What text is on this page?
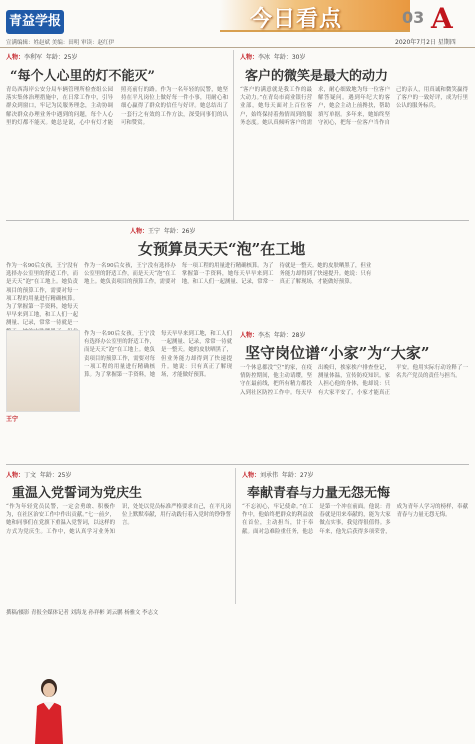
青益学报
宣满编辑：姓赵斌 美编：田明 审读：赵红伊
今日看点	03 A
2020年7月2日 星期四
人物：李利军 年龄：25岁
“每个人心里的灯不能灭”
青岛西海岸公安分局车辆管理所检查组公园落实集体治理措施中，在日常工作中，引导群众到窗口，牢记为民服务理念，主动协调解决群众办理业务中遇到的问题，每个人心里的灯都不能灭。她总是说，心中有灯才能照亮前行的路。作为一名年轻的民警，她坚持在平凡岗位上做好每一件小事，用耐心和细心赢得了群众的信任与好评。她总结出了一套行之有效的工作方法，深受同事们的认可和赞赏。
人物：李冰 年龄：30岁
客户的微笑是最大的动力
“客户的满意就是我工作的最大动力。”在青岛市商业银行营业部，她每天面对上百位客户，始终保持着热情周到的服务态度。她认真倾听客户的需求，耐心细致地为每一位客户解答疑问。遇到年纪大的客户，她会主动上前搀扶，帮助填写单据。多年来，她始终坚守初心，把每一位客户当作自己的亲人，用真诚和微笑赢得了客户的一致好评，成为行里公认的服务标兵。
人物：王宁 年龄：26岁
女预算员天天“泡”在工地
作为一名90后女孩，王宁没有选择办公室里的舒适工作，而是天天“泡”在工地上。她负责项目的预算工作，需要对每一项工程的用量进行精确核算。为了掌握第一手资料，她每天早早来到工地，和工人们一起测量、记录，常常一待就是一
作为一名90后女孩，王宁没有选择办公室里的舒适工作，而是天天“泡”在工地上。她负责项目的预算工作，需要对每一项工程的用量进行精确核算。为了掌握第一手资料，她每天早早来到工地，和工人们一起测量、记录，常常一待就是一整天。她的皮肤晒黑了，但业务能力却得到了快速提升。她说：只有真正了解现场，才能做好预算。
王宁
人物：李杰 年龄：28岁
坚守岗位谱“小家”为“大家”
作为一名90后女孩，王宁没有选择办公室里的舒适工作，而是天天“泡”在工地上。她负责项目的预算工作，需要对每一项工程的用量进行精确核算。为了掌握第一手资料，她每天早早来到工地，和工人们一起测量、记录，常常一待就是一整天。她的皮肤晒黑了，但业务能力却得到了快速提升。她说：只有真正了解现场，才能做好预算。
一个休息都没“空”的家，在疫情防控期间，他主动请缨，坚守在最前线，把所有精力都投入到社区防控工作中。每天早出晚归，挨家挨户排查登记，测量体温，宣传防疫知识。家人担心他的身体，他却说：只有大家平安了，小家才能真正平安。他用实际行动诠释了一名共产党员的责任与担当。
人物：丁文 年龄：25岁
重温入党誓词为党庆生
“作为年轻党员民警，一定会勇敢、积极作为，在社区治安工作中作出贡献。”七一前夕，她和同事们在党旗下重温入党誓词，以这样的方式为党庆生。工作中，她认真学习业务知识，处处以党员标准严格要求自己，在平凡岗位上默默奉献，用行动践行着入党时的铮铮誓言。
人物：刘承伟 年龄：27岁
奉献青春与力量无怨无悔
“不忘初心，牢记使命。”在工作中，他始终把群众的利益放在首位，主动担当，甘于奉献。面对急难险重任务，他总是第一个冲在前面。他说：青春就是用来奉献的，能为大家做点实事，我觉得很值得。多年来，他先后获得多项荣誉，成为青年人学习的榜样，奉献青春与力量无怨无悔。
撰稿/摄影 青报全媒体记者 刘海龙 孙祥彬 刘云鹏 杨雅文 李志文
